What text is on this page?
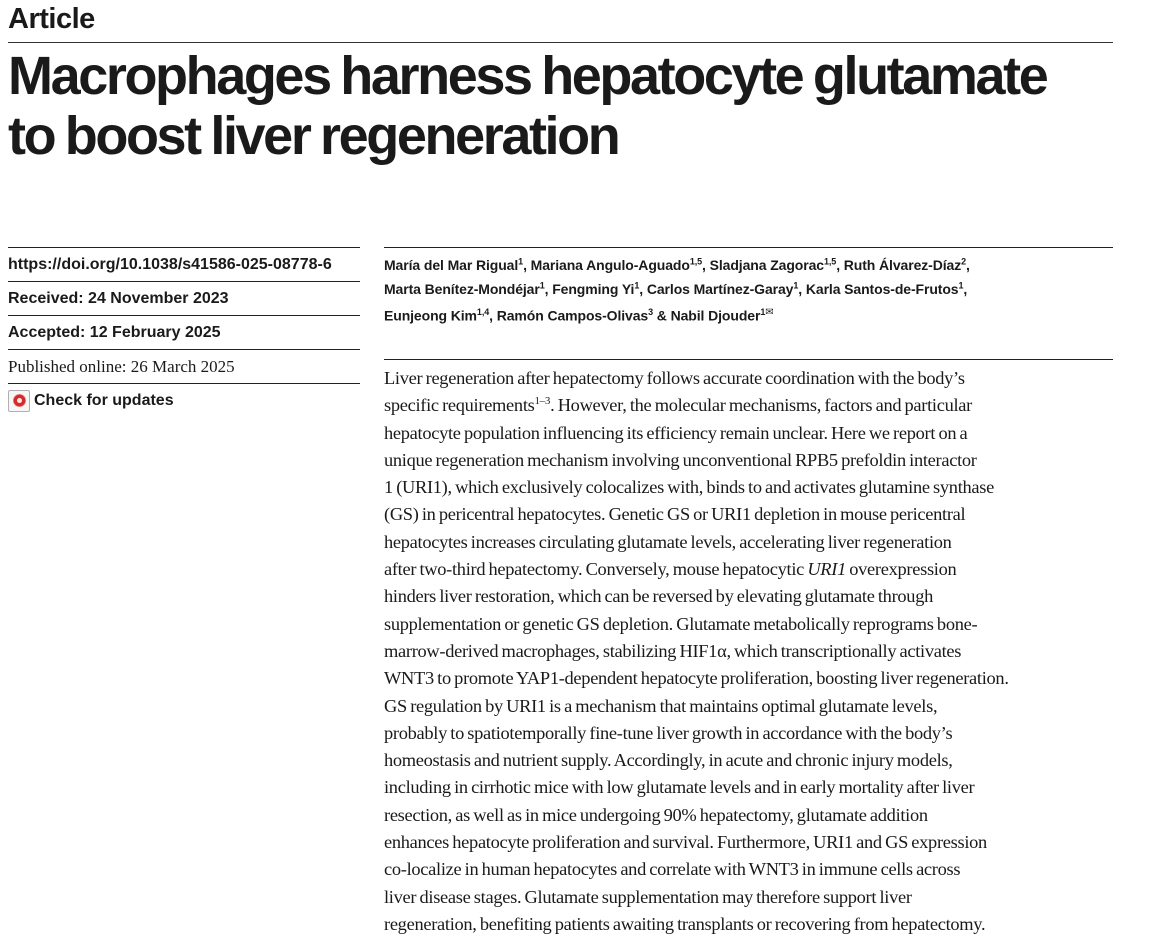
Article
Macrophages harness hepatocyte glutamate
to boost liver regeneration
https://doi.org/10.1038/s41586-025-08778-6
Received: 24 November 2023
Accepted: 12 February 2025
Published online: 26 March 2025
Check for updates
María del Mar Rigual$^1$, Mariana Angulo-Aguado$^{1,5}$, Sladjana Zagorac$^{1,5}$, Ruth Álvarez-Díaz$^2$,
Marta Benítez-Mondéjar$^1$, Fengming Yi$^1$, Carlos Martínez-Garay$^1$, Karla Santos-de-Frutos$^1$,
Eunjeong Kim$^{1,4}$, Ramón Campos-Olivas$^3$ & Nabil Djouder$^{1✉}$
Liver regeneration after hepatectomy follows accurate coordination with the body’s
specific requirements$^{1-3}$. However, the molecular mechanisms, factors and particular
hepatocyte population influencing its efficiency remain unclear. Here we report on a
unique regeneration mechanism involving unconventional RPB5 prefoldin interactor
1 (URI1), which exclusively colocalizes with, binds to and activates glutamine synthase
(GS) in pericentral hepatocytes. Genetic GS or URI1 depletion in mouse pericentral
hepatocytes increases circulating glutamate levels, accelerating liver regeneration
after two-third hepatectomy. Conversely, mouse hepatocytic URI1 overexpression
hinders liver restoration, which can be reversed by elevating glutamate through
supplementation or genetic GS depletion. Glutamate metabolically reprograms bone-
marrow-derived macrophages, stabilizing HIF1α, which transcriptionally activates
WNT3 to promote YAP1-dependent hepatocyte proliferation, boosting liver regeneration.
GS regulation by URI1 is a mechanism that maintains optimal glutamate levels,
probably to spatiotemporally fine-tune liver growth in accordance with the body’s
homeostasis and nutrient supply. Accordingly, in acute and chronic injury models,
including in cirrhotic mice with low glutamate levels and in early mortality after liver
resection, as well as in mice undergoing 90% hepatectomy, glutamate addition
enhances hepatocyte proliferation and survival. Furthermore, URI1 and GS expression
co-localize in human hepatocytes and correlate with WNT3 in immune cells across
liver disease stages. Glutamate supplementation may therefore support liver
regeneration, benefiting patients awaiting transplants or recovering from hepatectomy.
